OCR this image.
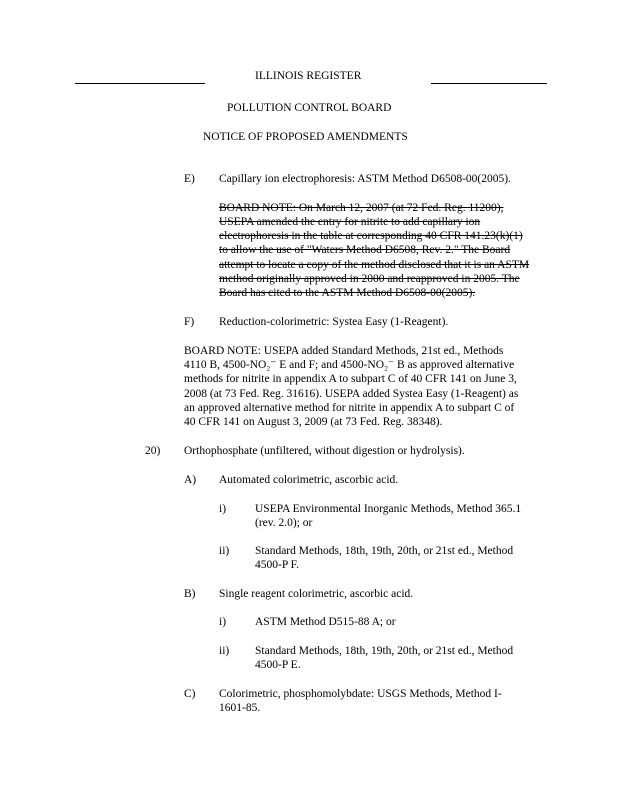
ILLINOIS REGISTER
POLLUTION CONTROL BOARD
NOTICE OF PROPOSED AMENDMENTS
E) Capillary ion electrophoresis: ASTM Method D6508-00(2005).
BOARD NOTE: On March 12, 2007 (at 72 Fed. Reg. 11200),
USEPA amended the entry for nitrite to add capillary ion
electrophoresis in the table at corresponding 40 CFR 141.23(k)(1)
to allow the use of "Waters Method D6508, Rev. 2." The Board
attempt to locate a copy of the method disclosed that it is an ASTM
method originally approved in 2000 and reapproved in 2005. The
Board has cited to the ASTM Method D6508-00(2005).
F) Reduction-colorimetric: Systea Easy (1-Reagent).
BOARD NOTE: USEPA added Standard Methods, 21st ed., Methods
4110 B, 4500-NO₂⁻ E and F; and 4500-NO₂⁻ B as approved alternative
methods for nitrite in appendix A to subpart C of 40 CFR 141 on June 3,
2008 (at 73 Fed. Reg. 31616). USEPA added Systea Easy (1-Reagent) as
an approved alternative method for nitrite in appendix A to subpart C of
40 CFR 141 on August 3, 2009 (at 73 Fed. Reg. 38348).
20) Orthophosphate (unfiltered, without digestion or hydrolysis).
A) Automated colorimetric, ascorbic acid.
i)	USEPA Environmental Inorganic Methods, Method 365.1
(rev. 2.0); or
ii) Standard Methods, 18th, 19th, 20th, or 21st ed., Method
4500-P F.
B) Single reagent colorimetric, ascorbic acid.
i)	ASTM Method D515-88 A; or
ii) Standard Methods, 18th, 19th, 20th, or 21st ed., Method
4500-P E.
C) Colorimetric, phosphomolybdate: USGS Methods, Method I-
1601-85.
